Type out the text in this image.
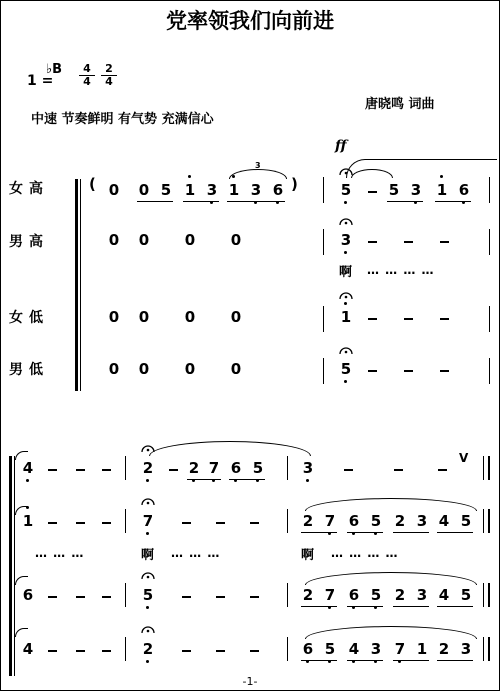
党率领我们向前进
1 =
♭B	4
4
2
4
中速 节奏鲜明 有气势 充满信心
唐晓鸣 词曲
ff
女高
男高
女低
男低
( 0 0 5 1 3 1 3 6
3
)	5	5 3 1 6
0 0 0 0	3
啊 … … … …
0 0 0 0	1
0 0 0 0	5
4	2 2 7 6 5	3
V
1	7	2 7 6 5 2 3 4 5
… … …	啊 … … …	啊 … … … …
6	5	2 7 6 5 2 3 4 5
4	2	6 5 4 3 7 1 2 3
-1-
